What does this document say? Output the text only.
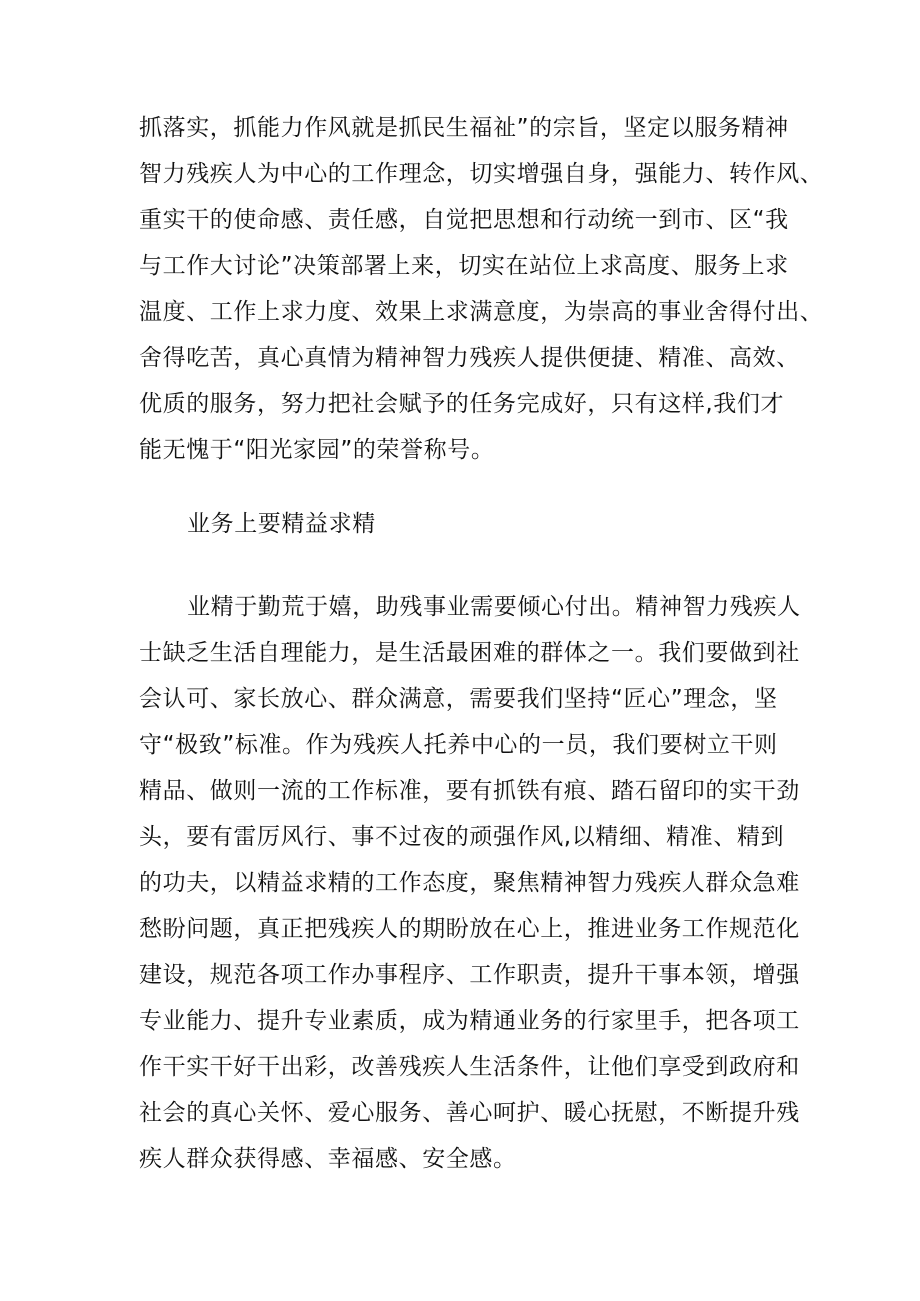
抓落实，抓能力作风就是抓民生福祉”的宗旨，坚定以服务精神
智力残疾人为中心的工作理念，切实增强自身，强能力、转作风、
重实干的使命感、责任感，自觉把思想和行动统一到市、区“我
与工作大讨论”决策部署上来，切实在站位上求高度、服务上求
温度、工作上求力度、效果上求满意度，为崇高的事业舍得付出、
舍得吃苦，真心真情为精神智力残疾人提供便捷、精准、高效、
优质的服务，努力把社会赋予的任务完成好，只有这样,我们才
能无愧于“阳光家园”的荣誉称号。
业务上要精益求精
业精于勤荒于嬉，助残事业需要倾心付出。精神智力残疾人
士缺乏生活自理能力，是生活最困难的群体之一。我们要做到社
会认可、家长放心、群众满意，需要我们坚持“匠心”理念，坚
守“极致”标准。作为残疾人托养中心的一员，我们要树立干则
精品、做则一流的工作标准，要有抓铁有痕、踏石留印的实干劲
头，要有雷厉风行、事不过夜的顽强作风,以精细、精准、精到
的功夫，以精益求精的工作态度，聚焦精神智力残疾人群众急难
愁盼问题，真正把残疾人的期盼放在心上，推进业务工作规范化
建设，规范各项工作办事程序、工作职责，提升干事本领，增强
专业能力、提升专业素质，成为精通业务的行家里手，把各项工
作干实干好干出彩，改善残疾人生活条件，让他们享受到政府和
社会的真心关怀、爱心服务、善心呵护、暖心抚慰，不断提升残
疾人群众获得感、幸福感、安全感。
